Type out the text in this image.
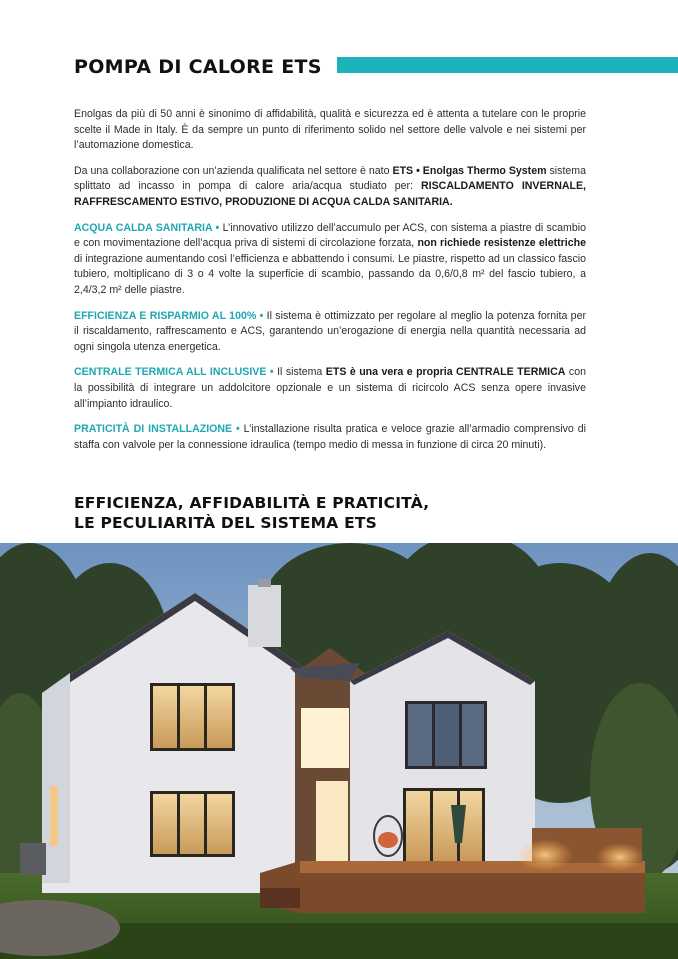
POMPA DI CALORE ETS

Enolgas da più di 50 anni è sinonimo di affidabilità, qualità e sicurezza ed è attenta a tutelare con le proprie scelte il Made in Italy. È da sempre un punto di riferimento solido nel settore delle valvole e nei sistemi per l’automazione domestica.

Da una collaborazione con un’azienda qualificata nel settore è nato ETS • Enolgas Thermo System sistema splittato ad incasso in pompa di calore aria/acqua studiato per: RISCALDAMENTO INVERNALE, RAFFRESCAMENTO ESTIVO, PRODUZIONE DI ACQUA CALDA SANITARIA.

ACQUA CALDA SANITARIA • L’innovativo utilizzo dell’accumulo per ACS, con sistema a piastre di scambio e con movimentazione dell’acqua priva di sistemi di circolazione forzata, non richiede resistenze elettriche di integrazione aumentando così l’efficienza e abbattendo i consumi. Le piastre, rispetto ad un classico fascio tubiero, moltiplicano di 3 o 4 volte la superficie di scambio, passando da 0,6/0,8 m² del fascio tubiero, a 2,4/3,2 m² delle piastre.

EFFICIENZA E RISPARMIO AL 100% • Il sistema è ottimizzato per regolare al meglio la potenza fornita per il riscaldamento, raffrescamento e ACS, garantendo un’erogazione di energia nella quantità necessaria ad ogni singola utenza energetica.

CENTRALE TERMICA ALL INCLUSIVE • Il sistema ETS è una vera e propria CENTRALE TERMICA con la possibilità di integrare un addolcitore opzionale e un sistema di ricircolo ACS senza opere invasive all’impianto idraulico.

PRATICITÀ DI INSTALLAZIONE • L’installazione risulta pratica e veloce grazie all’armadio comprensivo di staffa con valvole per la connessione idraulica (tempo medio di messa in funzione di circa 20 minuti).

EFFICIENZA, AFFIDABILITÀ E PRATICITÀ,
LE PECULIARITÀ DEL SISTEMA ETS
